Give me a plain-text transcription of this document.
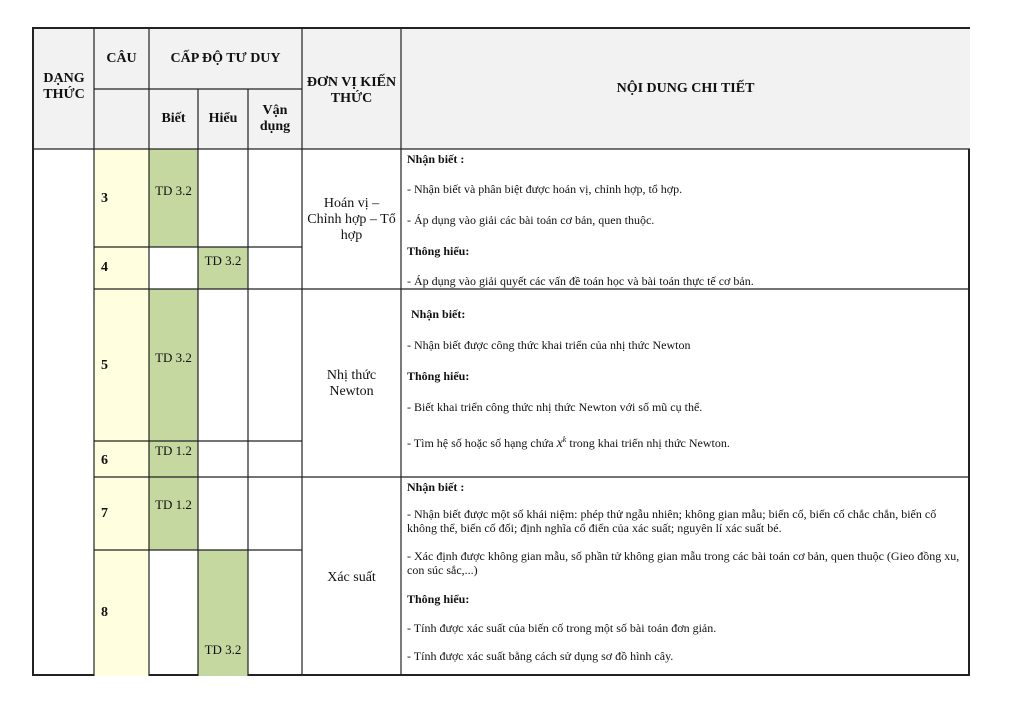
DẠNG THỨC
CÂU	CẤP ĐỘ TƯ DUY
Biết	Hiểu
Vận dụng
ĐƠN VỊ KIẾN THỨC
NỘI DUNG CHI TIẾT
3
4
5
6
7
8
TD 3.2
TD 3.2
TD 3.2
TD 1.2
TD 1.2
TD 3.2
Hoán vị – Chỉnh hợp – Tổ hợp
Nhị thức Newton
Xác suất

Nhận biết :

- Nhận biết và phân biệt được hoán vị, chỉnh hợp, tổ hợp.

- Áp dụng vào giải các bài toán cơ bản, quen thuộc.

Thông hiểu:

- Áp dụng vào giải quyết các vấn đề toán học và bài toán thực tế cơ bản.

Nhận biết:

- Nhận biết được công thức khai triển của nhị thức Newton

Thông hiểu:

- Biết khai triển công thức nhị thức Newton với số mũ cụ thể.

- Tìm hệ số hoặc số hạng chứa $x^k$ trong khai triển nhị thức Newton.

Nhận biết :

- Nhận biết được một số khái niệm: phép thử ngẫu nhiên; không gian mẫu; biến cố, biến cố chắc chắn, biến cố không thể, biến cố đối; định nghĩa cổ điển của xác suất; nguyên lí xác suất bé.

- Xác định được không gian mẫu, số phần tử không gian mẫu trong các bài toán cơ bản, quen thuộc (Gieo đồng xu, con súc sắc,...)

Thông hiểu:

- Tính được xác suất của biến cố trong một số bài toán đơn giản.

- Tính được xác suất bằng cách sử dụng sơ đồ hình cây.
